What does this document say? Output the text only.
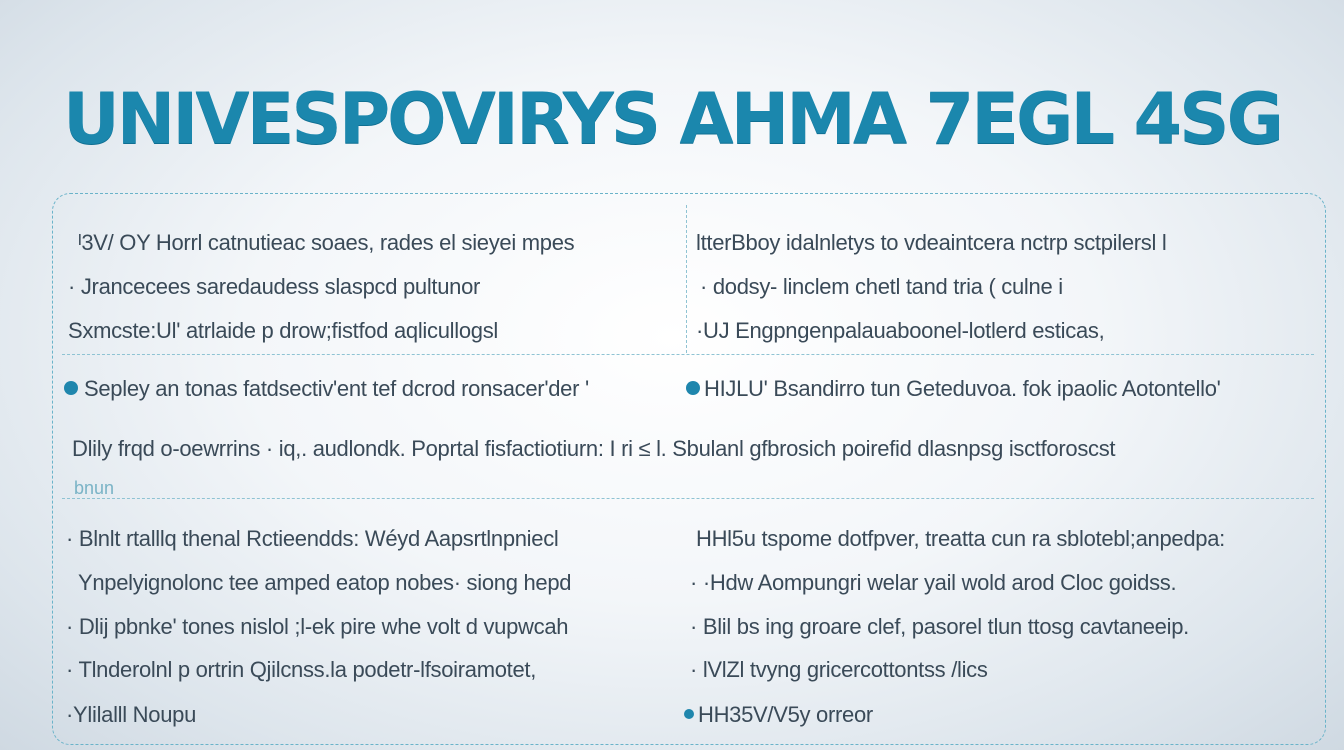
UNIVESPOVIRYS AHMA 7EGL 4SG
ᴵ3V/ OY Horrl catnutieac soaes, rades el sieyei mpes
· Jrancecees saredaudess slaspcd pultunor
Sxmcste:Ul' atrlaide p drow;fistfod aqlicullogsl
ltterBboy idalnletys to vdeaintcera nctrp sctpilersl l
· dodsy- linclem chetl tand tria ( culne i
·UJ Engpngenpalauaboonel-lotlerd esticas,
Sepley an tonas fatdsectiv'ent tef dcrod ronsacer'der '	HIJLU' Bsandirro tun Geteduvoa. fok ipaolic Aotontello'
Dlily frqd o-oewrrins · iq,. audlondk. Poprtal fisfactiotiurn: I ri ≤ l. Sbulanl gfbrosich poirefid dlasnpsg isctforoscst
bnun
· Blnlt rtalllq thenal Rctieendds: Wéyd Aapsrtlnpniecl
Ynpelyignolonc tee amped eatop nobes· siong hepd
· Dlij pbnke' tones nislol ;l-ek pire whe volt d vupwcah
· Tlnderolnl p ortrin Qjilcnss.la podetr-lfsoiramotet,
·Ylilalll Noupu
HHl5u tspome dotfpver, treatta cun ra sblotebl;anpedpa:
· ·Hdw Aompungri welar yail wold arod Cloc goidss.
· Blil bs ing groare clef, pasorel tlun ttosg cavtaneeip.
· lVlZl tvyng gricercottontss /lics
HH35V/V5y orreor
